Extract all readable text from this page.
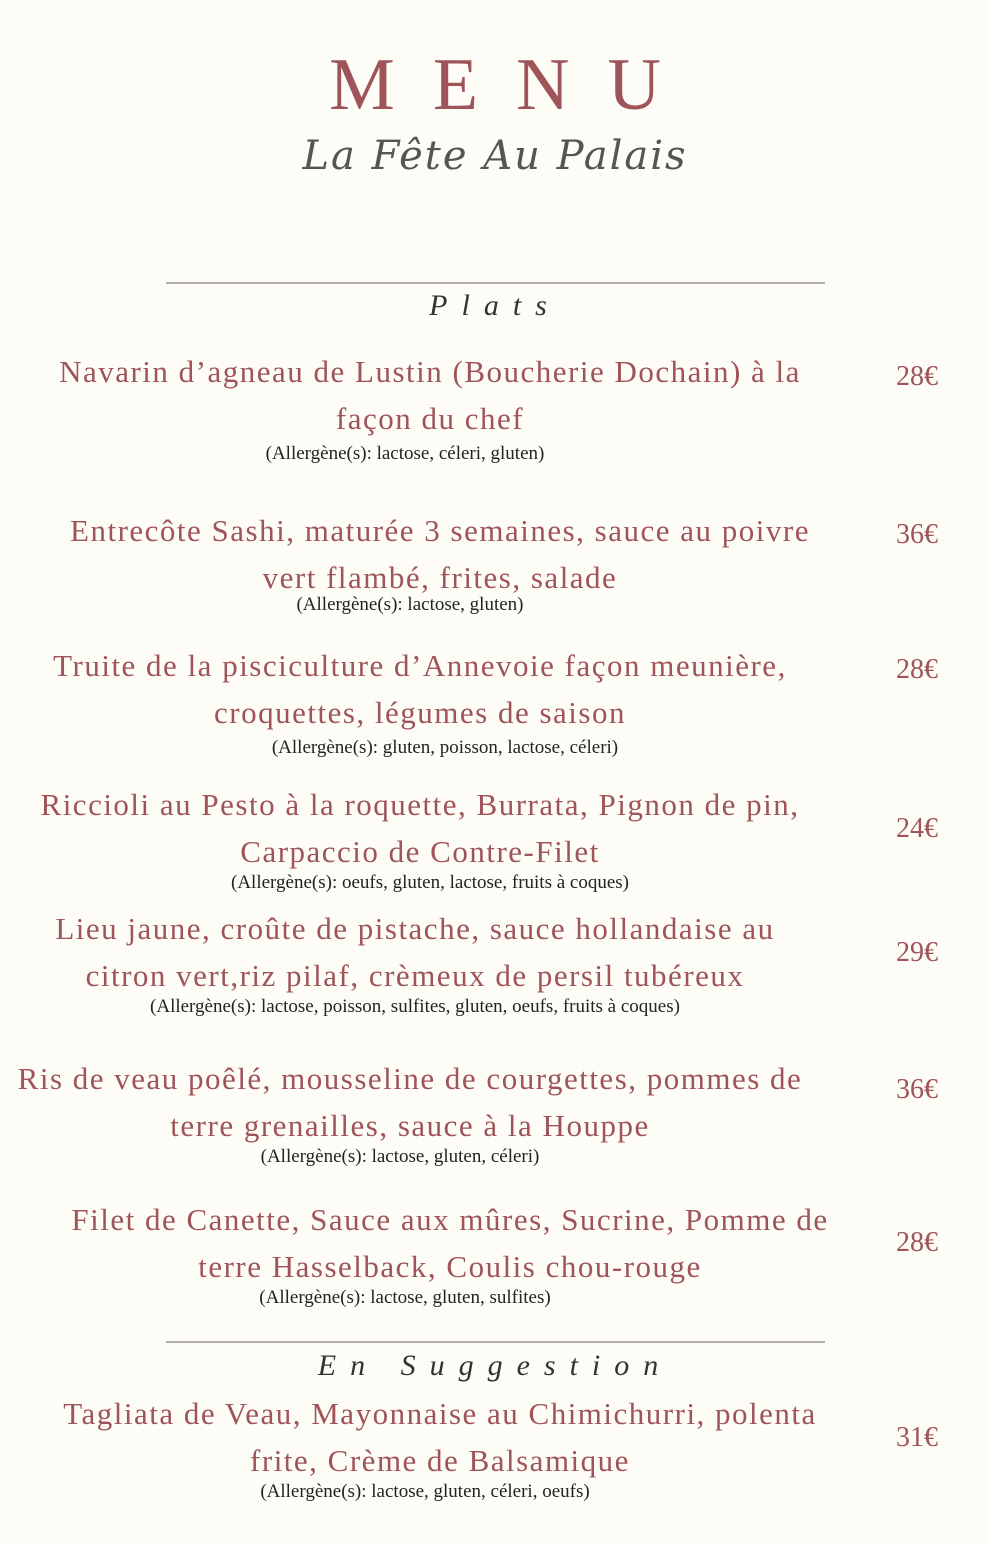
MENU
La Fête Au Palais
Plats
Navarin d’agneau de Lustin (Boucherie Dochain) à la façon du chef
(Allergène(s): lactose, céleri, gluten)
28€
Entrecôte Sashi, maturée 3 semaines, sauce au poivre vert flambé, frites, salade
(Allergène(s): lactose, gluten)
36€
Truite de la pisciculture d’Annevoie façon meunière, croquettes, légumes de saison
(Allergène(s): gluten, poisson, lactose, céleri)
28€
Riccioli au Pesto à la roquette, Burrata, Pignon de pin, Carpaccio de Contre-Filet
(Allergène(s): oeufs, gluten, lactose, fruits à coques)
24€
Lieu jaune, croûte de pistache, sauce hollandaise au citron vert,riz pilaf, crèmeux de persil tubéreux
(Allergène(s): lactose, poisson, sulfites, gluten, oeufs, fruits à coques)
29€
Ris de veau poêlé, mousseline de courgettes, pommes de terre grenailles, sauce à la Houppe
(Allergène(s): lactose, gluten, céleri)
36€
Filet de Canette, Sauce aux mûres, Sucrine, Pomme de terre Hasselback, Coulis chou-rouge
(Allergène(s): lactose, gluten, sulfites)
28€
En Suggestion
Tagliata de Veau, Mayonnaise au Chimichurri, polenta frite, Crème de Balsamique
(Allergène(s): lactose, gluten, céleri, oeufs)
31€
